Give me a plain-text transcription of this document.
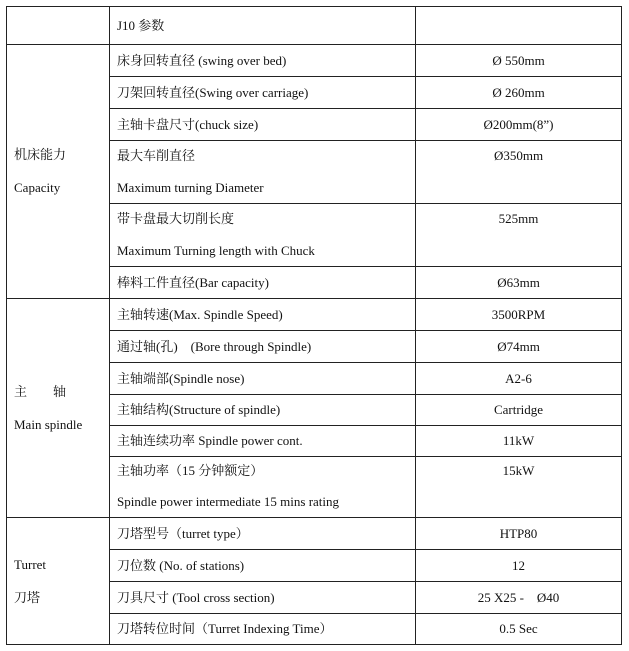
	J10 参数	

机床能力
Capacity	床身回转直径 (swing over bed)	Ø 550mm
	刀架回转直径(Swing over carriage)	Ø 260mm
	主轴卡盘尺寸(chuck size)	Ø200mm(8”)

	最大车削直径
Maximum turning Diameter	Ø350mm

	带卡盘最大切削长度
Maximum Turning length with Chuck	525mm
	棒料工件直径(Bar capacity)	Ø63mm

主　　轴
Main spindle	主轴转速(Max. Spindle Speed)	3500RPM
	通过轴(孔)　(Bore through Spindle)	Ø74mm
	主轴端部(Spindle nose)	A2-6
	主轴结构(Structure of spindle)	Cartridge
	主轴连续功率 Spindle power cont.	11kW

	主轴功率（15 分钟额定）
Spindle power intermediate 15 mins rating	15kW

Turret
刀塔	刀塔型号（turret type）	HTP80
	刀位数 (No. of stations)	12
	刀具尺寸 (Tool cross section)	25 X25 -　Ø40
	刀塔转位时间（Turret Indexing Time）	0.5 Sec
